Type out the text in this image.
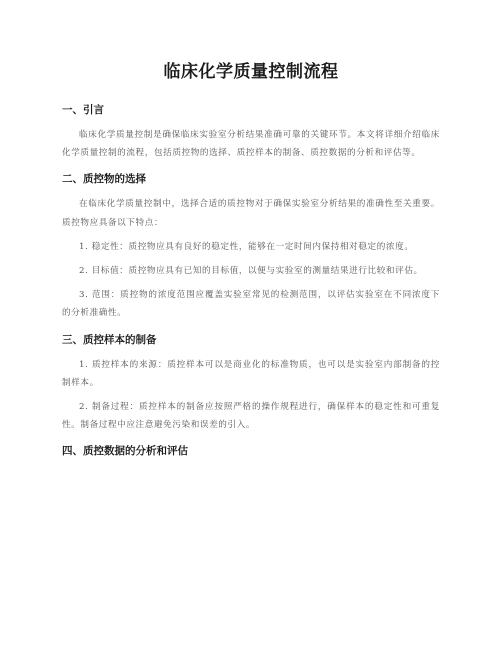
临床化学质量控制流程
一、引言

临床化学质量控制是确保临床实验室分析结果准确可靠的关键环节。本文将详细介绍临床化学质量控制的流程，包括质控物的选择、质控样本的制备、质控数据的分析和评估等。

二、质控物的选择

在临床化学质量控制中，选择合适的质控物对于确保实验室分析结果的准确性至关重要。质控物应具备以下特点：

1. 稳定性：质控物应具有良好的稳定性，能够在一定时间内保持相对稳定的浓度。

2. 目标值：质控物应具有已知的目标值，以便与实验室的测量结果进行比较和评估。

3. 范围：质控物的浓度范围应覆盖实验室常见的检测范围，以评估实验室在不同浓度下的分析准确性。

三、质控样本的制备

1. 质控样本的来源：质控样本可以是商业化的标准物质，也可以是实验室内部制备的控制样本。

2. 制备过程：质控样本的制备应按照严格的操作规程进行，确保样本的稳定性和可重复性。制备过程中应注意避免污染和误差的引入。

四、质控数据的分析和评估
